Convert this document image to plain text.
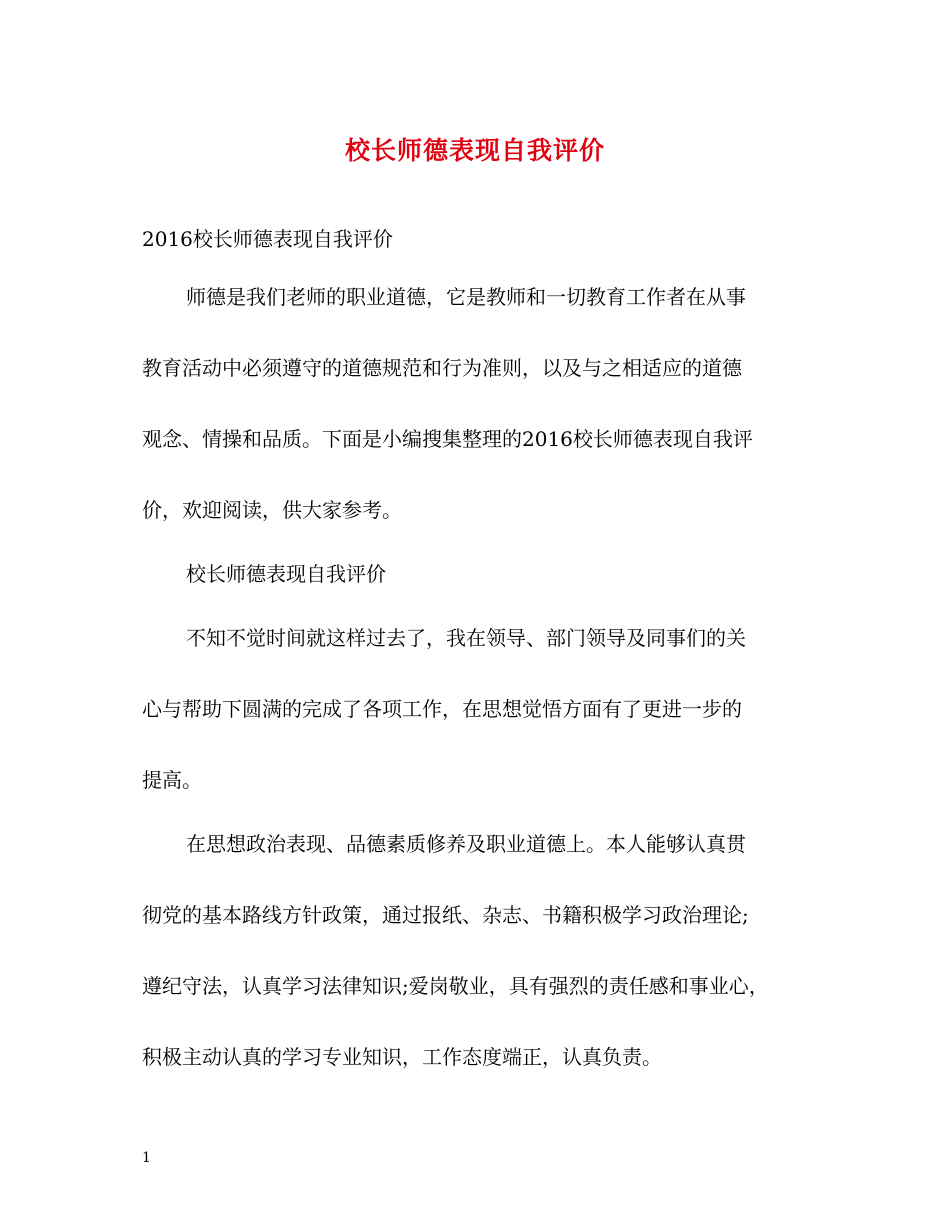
校长师德表现自我评价
2016校长师德表现自我评价
师德是我们老师的职业道德，它是教师和一切教育工作者在从事
教育活动中必须遵守的道德规范和行为准则，以及与之相适应的道德
观念、情操和品质。下面是小编搜集整理的2016校长师德表现自我评
价，欢迎阅读，供大家参考。
校长师德表现自我评价
不知不觉时间就这样过去了，我在领导、部门领导及同事们的关
心与帮助下圆满的完成了各项工作，在思想觉悟方面有了更进一步的
提高。
在思想政治表现、品德素质修养及职业道德上。本人能够认真贯
彻党的基本路线方针政策，通过报纸、杂志、书籍积极学习政治理论;
遵纪守法，认真学习法律知识;爱岗敬业，具有强烈的责任感和事业心，
积极主动认真的学习专业知识，工作态度端正，认真负责。
1
